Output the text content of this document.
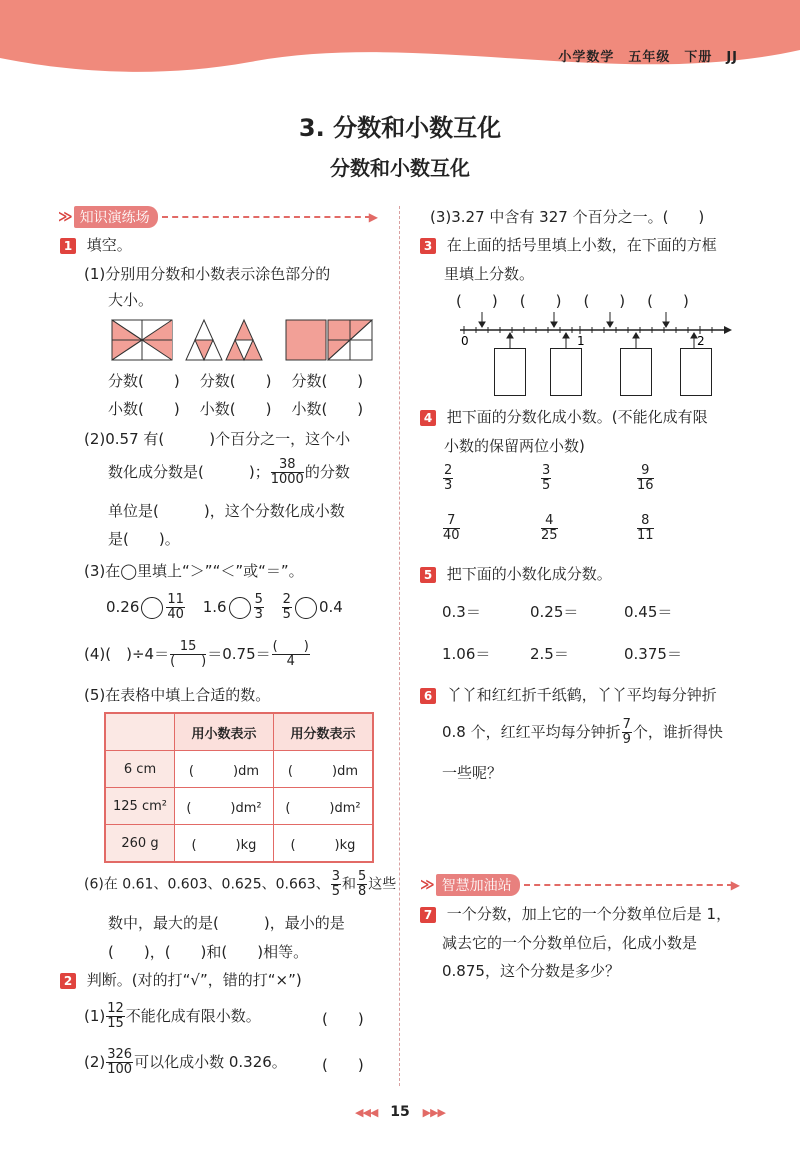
小学数学　五年级　下册　JJ
3. 分数和小数互化
分数和小数互化
≫ 知识演练场	▶
1 填空。
(1)分别用分数和小数表示涂色部分的
大小。
分数(　　) 分数(　　) 分数(　　)
小数(　　) 小数(　　) 小数(　　)
(2)0.57 有(　　　)个百分之一，这个小
数化成分数是(　　　)； $\frac{38}{1000}$ 的分数
单位是(　　　)，这个分数化成小数
是(　　)。
(3)在◯里填上“＞”“＜”或“＝”。
$0.26 \frac{11}{40} 1.6 \frac{5}{3}$
$\frac{2}{5} 0.4$
(4)(　)$\div 4= \frac{15}{( )} =0.75= \frac{( )}{4}$
(5)在表格中填上合适的数。
	用小数表示	用分数表示
6 cm	(　　　)dm	(　　　)dm
125 cm²	(　　　)dm²	(　　　)dm²
260 g	(　　　)kg	(　　　)kg
(6)在 0.61、0.603、0.625、0.663、 $\frac{3}{5}$ 和 $\frac{5}{8}$ 这些
数中，最大的是(　　　)，最小的是
(　　)，(　　)和(　　)相等。
2 判断。(对的打“√”，错的打“×”)
$(1) \frac{12}{15}$ 不能化成有限小数。	(　　)
$(2) \frac{326}{100}$ 可以化成小数 0.326。 (　　)
(3)3.27 中含有 327 个百分之一。(　　)
3 在上面的括号里填上小数，在下面的方框
里填上分数。
(　　) (　　) (　　) (　　)
0	1	2
4 把下面的分数化成小数。(不能化成有限
小数的保留两位小数)
$\frac{2}{3}$	$\frac{3}{5}$	$\frac{9}{16}$
$\frac{7}{40}$	$\frac{4}{25}$	$\frac{8}{11}$
5 把下面的小数化成分数。
0.3＝	0.25＝	0.45＝
1.06＝	2.5＝	0.375＝
6 丫丫和红红折千纸鹤，丫丫平均每分钟折
0.8 个，红红平均每分钟折 $\frac{7}{9}$ 个，谁折得快
一些呢？
≫ 智慧加油站	▶
7 一个分数，加上它的一个分数单位后是 1，
减去它的一个分数单位后，化成小数是
0.875，这个分数是多少？
◀◀◀ 15 ▶▶▶
